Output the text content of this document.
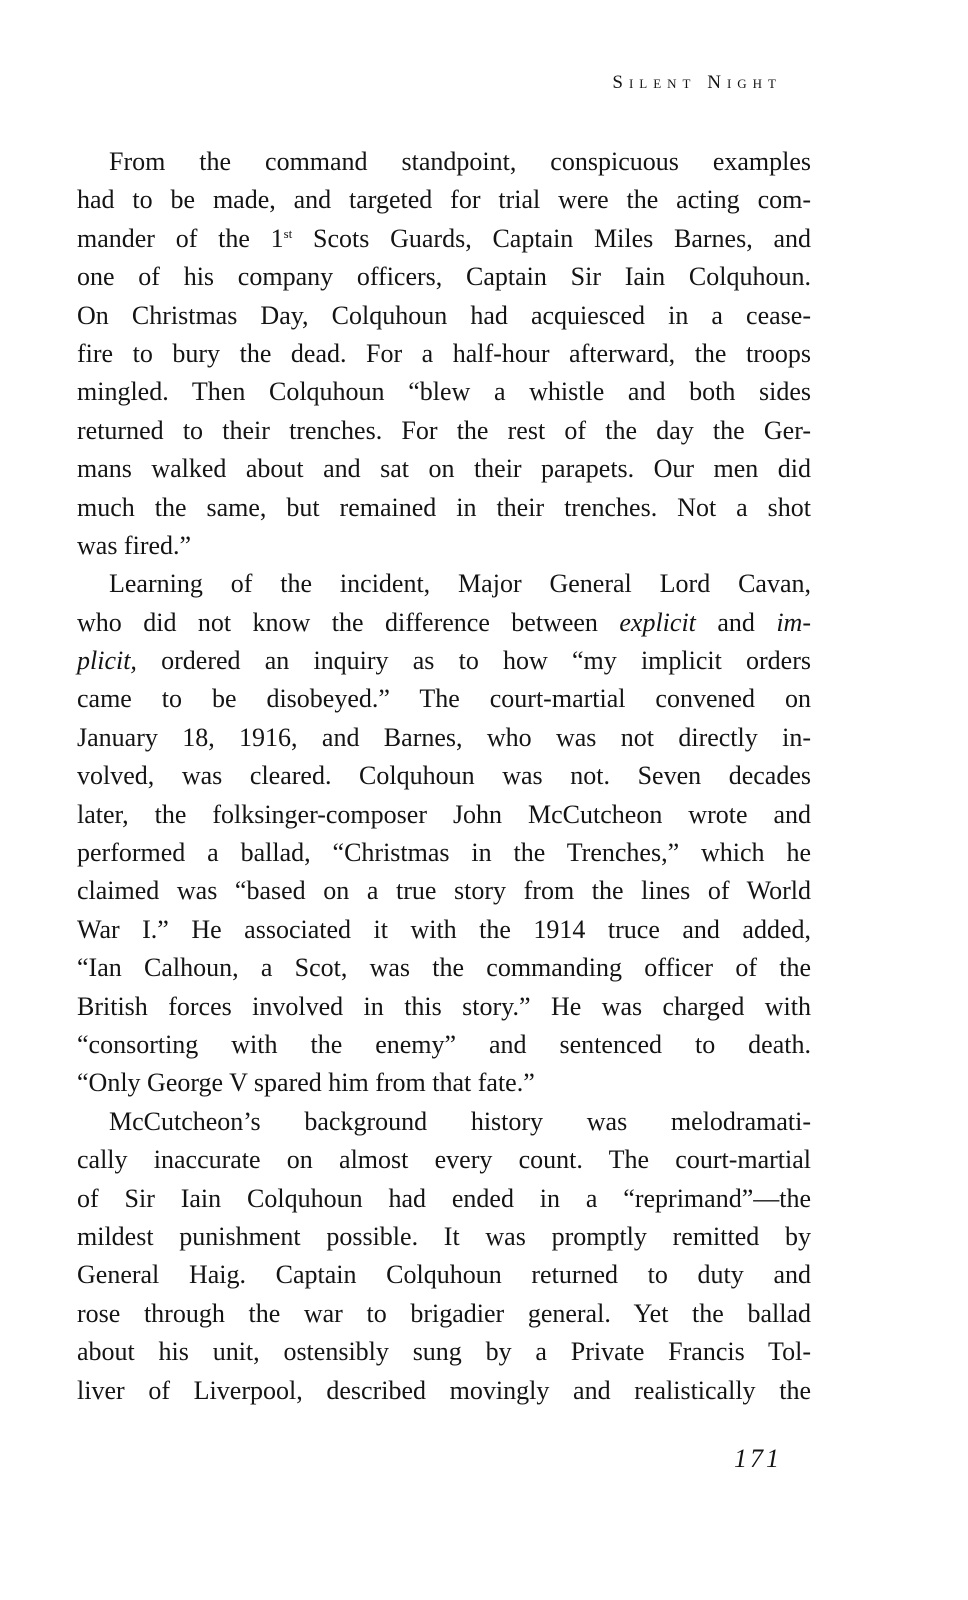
Silent Night
From the command standpoint, conspicuous examples
had to be made, and targeted for trial were the acting com-
mander of the 1st Scots Guards, Captain Miles Barnes, and
one of his company officers, Captain Sir Iain Colquhoun.
On Christmas Day, Colquhoun had acquiesced in a cease-
fire to bury the dead. For a half-hour afterward, the troops
mingled. Then Colquhoun “blew a whistle and both sides
returned to their trenches. For the rest of the day the Ger-
mans walked about and sat on their parapets. Our men did
much the same, but remained in their trenches. Not a shot
was fired.”
Learning of the incident, Major General Lord Cavan,
who did not know the difference between explicit and im-
plicit, ordered an inquiry as to how “my implicit orders
came to be disobeyed.” The court-martial convened on
January 18, 1916, and Barnes, who was not directly in-
volved, was cleared. Colquhoun was not. Seven decades
later, the folksinger-composer John McCutcheon wrote and
performed a ballad, “Christmas in the Trenches,” which he
claimed was “based on a true story from the lines of World
War I.” He associated it with the 1914 truce and added,
“Ian Calhoun, a Scot, was the commanding officer of the
British forces involved in this story.” He was charged with
“consorting with the enemy” and sentenced to death.
“Only George V spared him from that fate.”
McCutcheon’s background history was melodramati-
cally inaccurate on almost every count. The court-martial
of Sir Iain Colquhoun had ended in a “reprimand”—the
mildest punishment possible. It was promptly remitted by
General Haig. Captain Colquhoun returned to duty and
rose through the war to brigadier general. Yet the ballad
about his unit, ostensibly sung by a Private Francis Tol-
liver of Liverpool, described movingly and realistically the
171
